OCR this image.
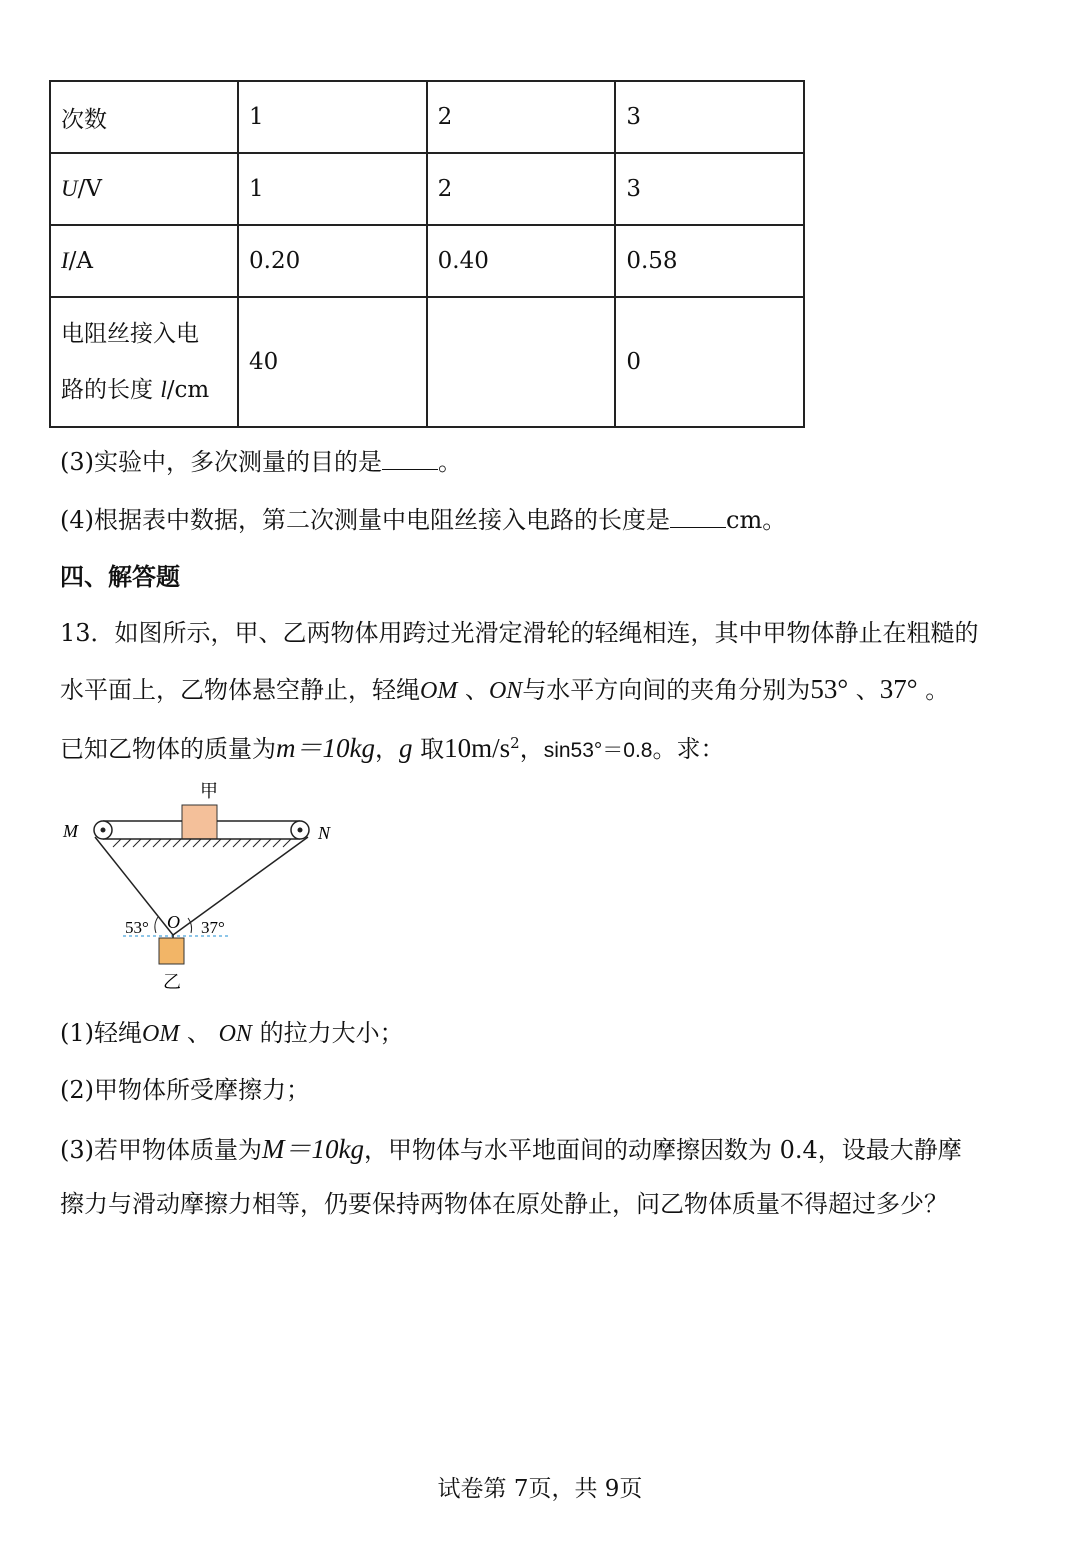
次数	1	2	3
U/V	1	2	3
I/A	0.20	0.40	0.58
电阻丝接入电
路的长度 l/cm	40		0
(3)实验中，多次测量的目的是 。
(4)根据表中数据，第二次测量中电阻丝接入电路的长度是 cm。
四、解答题
13．如图所示，甲、乙两物体用跨过光滑定滑轮的轻绳相连，其中甲物体静止在粗糙的
水平面上，乙物体悬空静止，轻绳OM 、ON与水平方向间的夹角分别为53° 、37° 。
已知乙物体的质量为m＝10kg，g 取$10m/s^2$，sin53°＝0.8。求：
甲
M	N
O
53°	37°
乙
(1)轻绳OM 、 ON 的拉力大小；
(2)甲物体所受摩擦力；
(3)若甲物体质量为M＝10kg，甲物体与水平地面间的动摩擦因数为 0.4，设最大静摩
擦力与滑动摩擦力相等，仍要保持两物体在原处静止，问乙物体质量不得超过多少？
试卷第 7页，共 9页
